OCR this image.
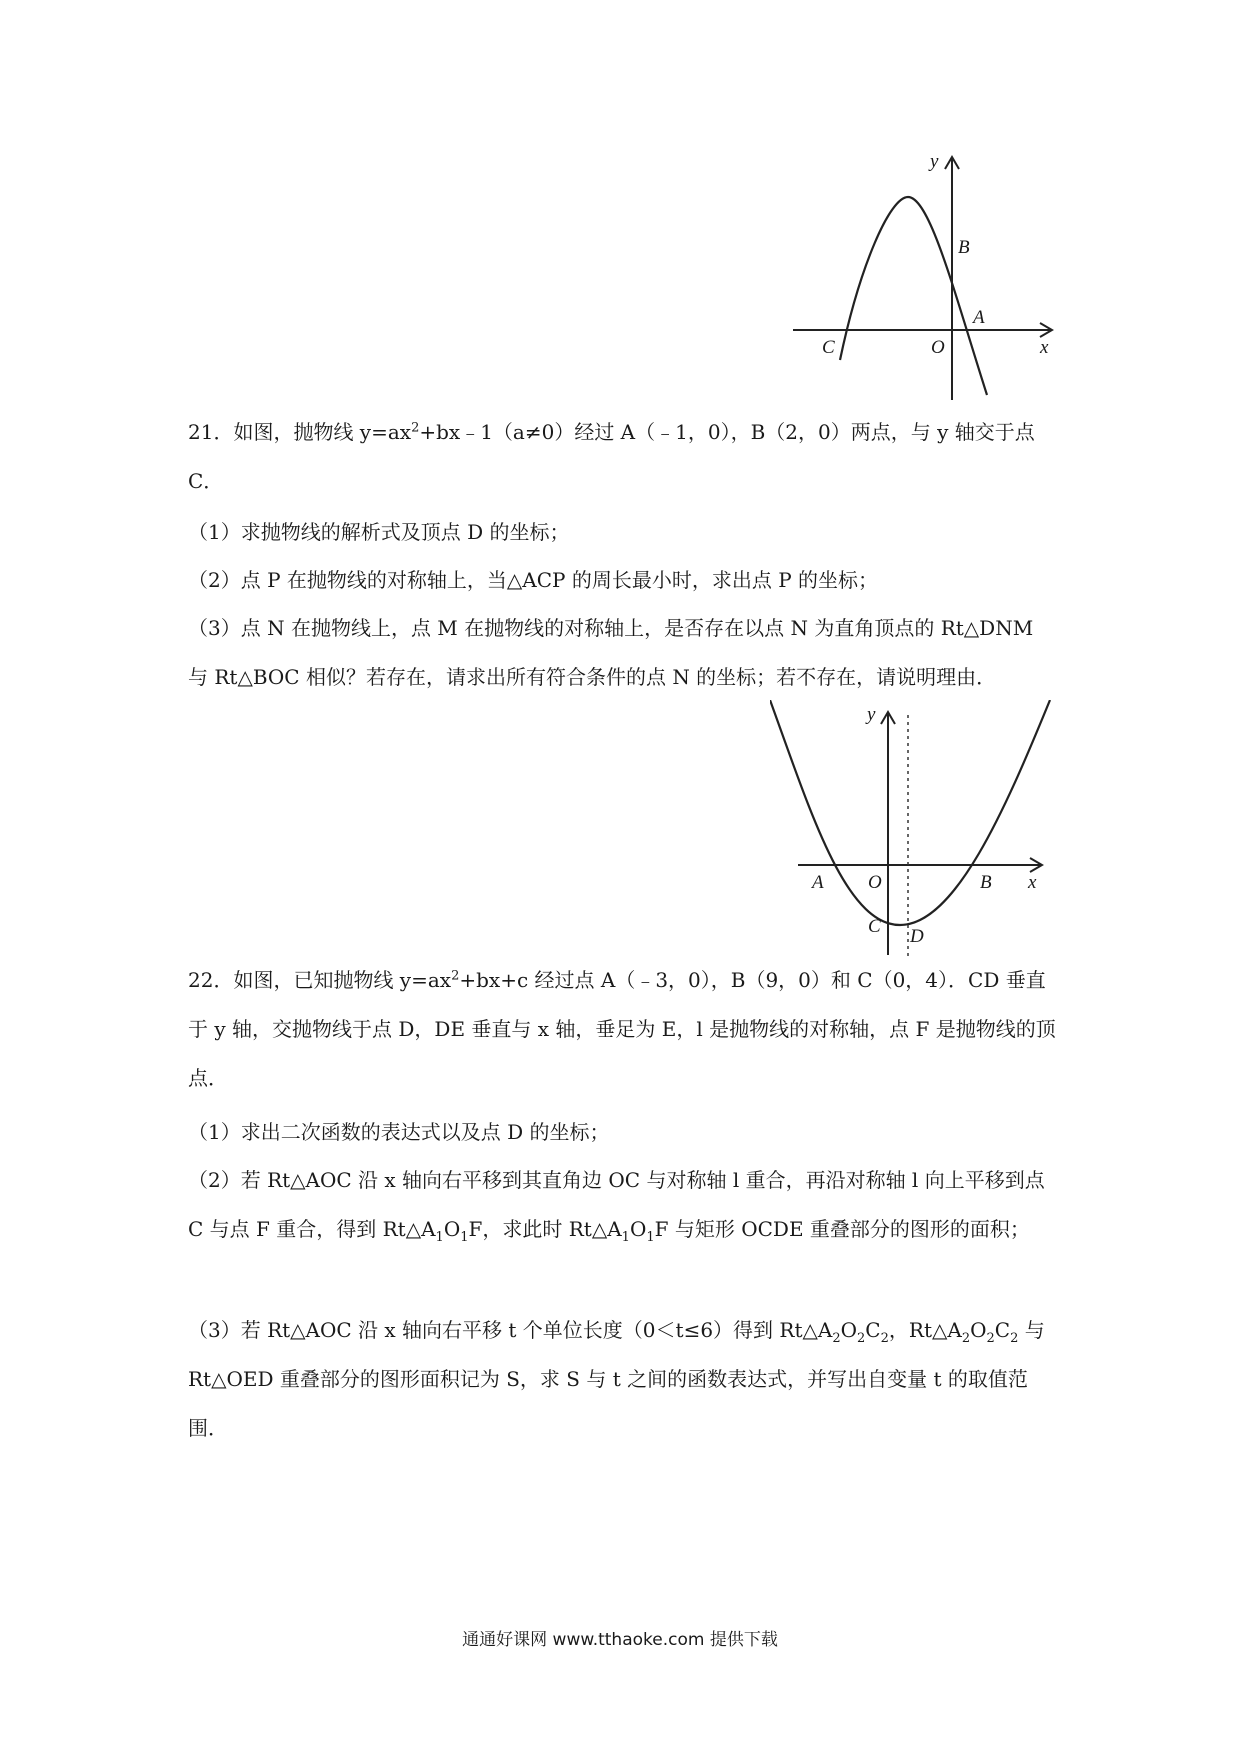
y
B
A
C	O	x

21．如图，抛物线 $y=ax^2+bx﹣1(a\ne 0)$经过 A（﹣1，0），B（2，0）两点，与 y 轴交于点 C．

（1）求抛物线的解析式及顶点 D 的坐标；

（2）点 P 在抛物线的对称轴上，当△ACP 的周长最小时，求出点 P 的坐标；

（3）点 N 在抛物线上，点 M 在抛物线的对称轴上，是否存在以点 N 为直角顶点的 Rt△DNM 与 Rt△BOC 相似？若存在，请求出所有符合条件的点 N 的坐标；若不存在，请说明理由．

y
A O	B x
C D

22．如图，已知抛物线 $y=ax^2+bx+c$ 经过点 A（﹣3，0），B（9，0）和 C（0，4）．CD 垂直于 y 轴，交抛物线于点 D，DE 垂直与 x 轴，垂足为 E，l 是抛物线的对称轴，点 F 是抛物线的顶点．

（1）求出二次函数的表达式以及点 D 的坐标；

（2）若 Rt△AOC 沿 x 轴向右平移到其直角边 OC 与对称轴 l 重合，再沿对称轴 l 向上平移到点 C 与点 F 重合，得到 $Rt\triangle A_1O_1F$，求此时 $Rt\triangle A_1O_1F$ 与矩形 OCDE 重叠部分的图形的面积；

（3）若 Rt△AOC 沿 x 轴向右平移 t 个单位长度（0＜t≤6）得到 $Rt\triangle A_2O_2C_2$，$Rt\triangle A_2O_2C_2$ 与 Rt△OED 重叠部分的图形面积记为 S，求 S 与 t 之间的函数表达式，并写出自变量 t 的取值范围．

通通好课网 www.tthaoke.com 提供下载
